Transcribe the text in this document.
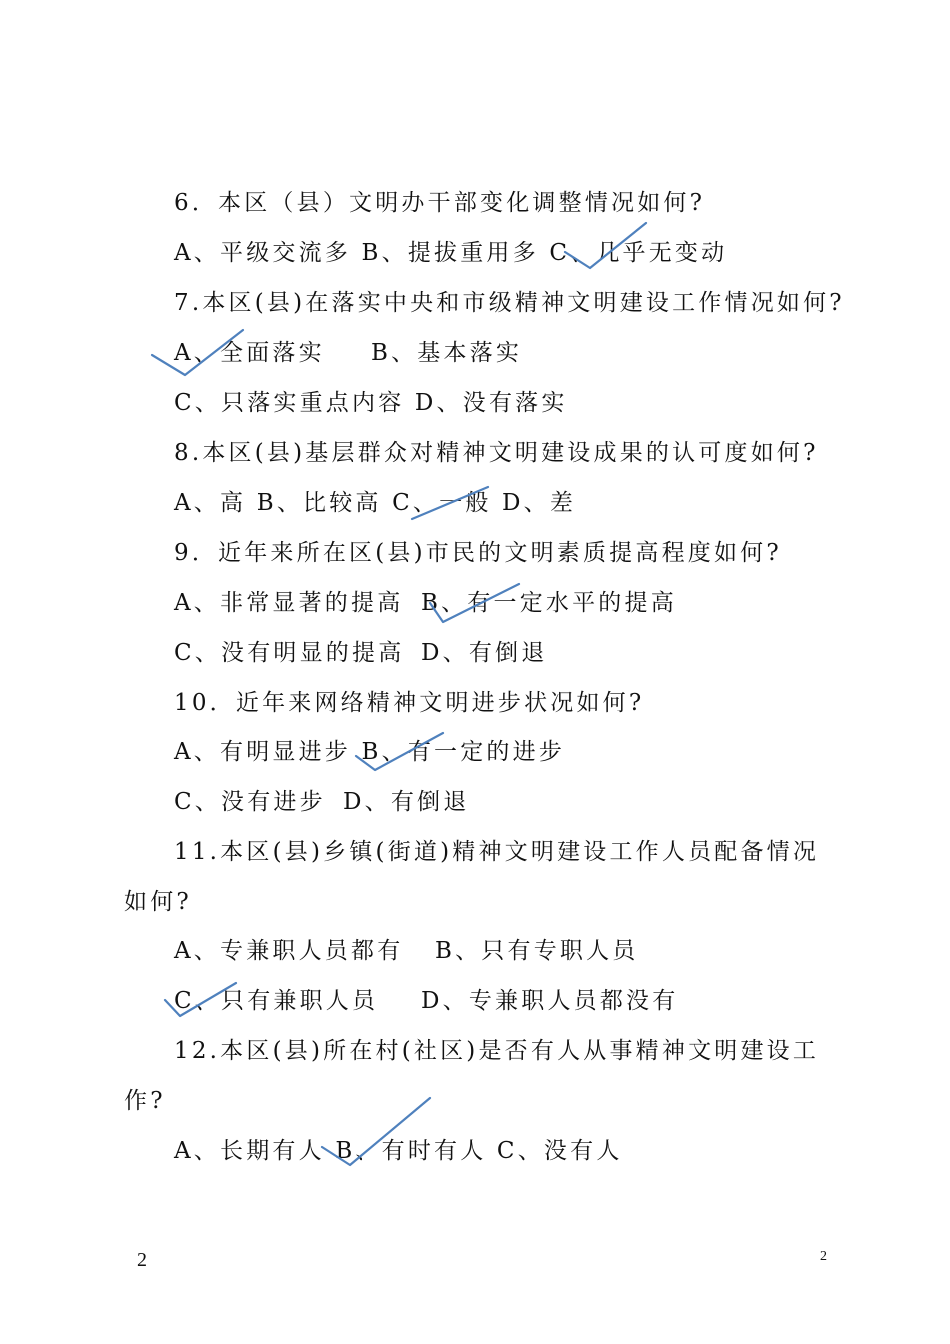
6．本区（县）文明办干部变化调整情况如何?
A、平级交流多 B、提拔重用多 C、几乎无变动
7.本区(县)在落实中央和市级精神文明建设工作情况如何?
A、全面落实 B、基本落实
C、只落实重点内容 D、没有落实
8.本区(县)基层群众对精神文明建设成果的认可度如何?
A、高 B、比较高 C、一般 D、差
9．近年来所在区(县)市民的文明素质提高程度如何?
A、非常显著的提高 B、有一定水平的提高
C、没有明显的提高 D、有倒退
10．近年来网络精神文明进步状况如何?
A、有明显进步 B、有一定的进步
C、没有进步 D、有倒退
11.本区(县)乡镇(街道)精神文明建设工作人员配备情况
如何?
A、专兼职人员都有 B、只有专职人员
C、只有兼职人员 D、专兼职人员都没有
12.本区(县)所在村(社区)是否有人从事精神文明建设工
作?
A、长期有人 B、有时有人 C、没有人
2	2
